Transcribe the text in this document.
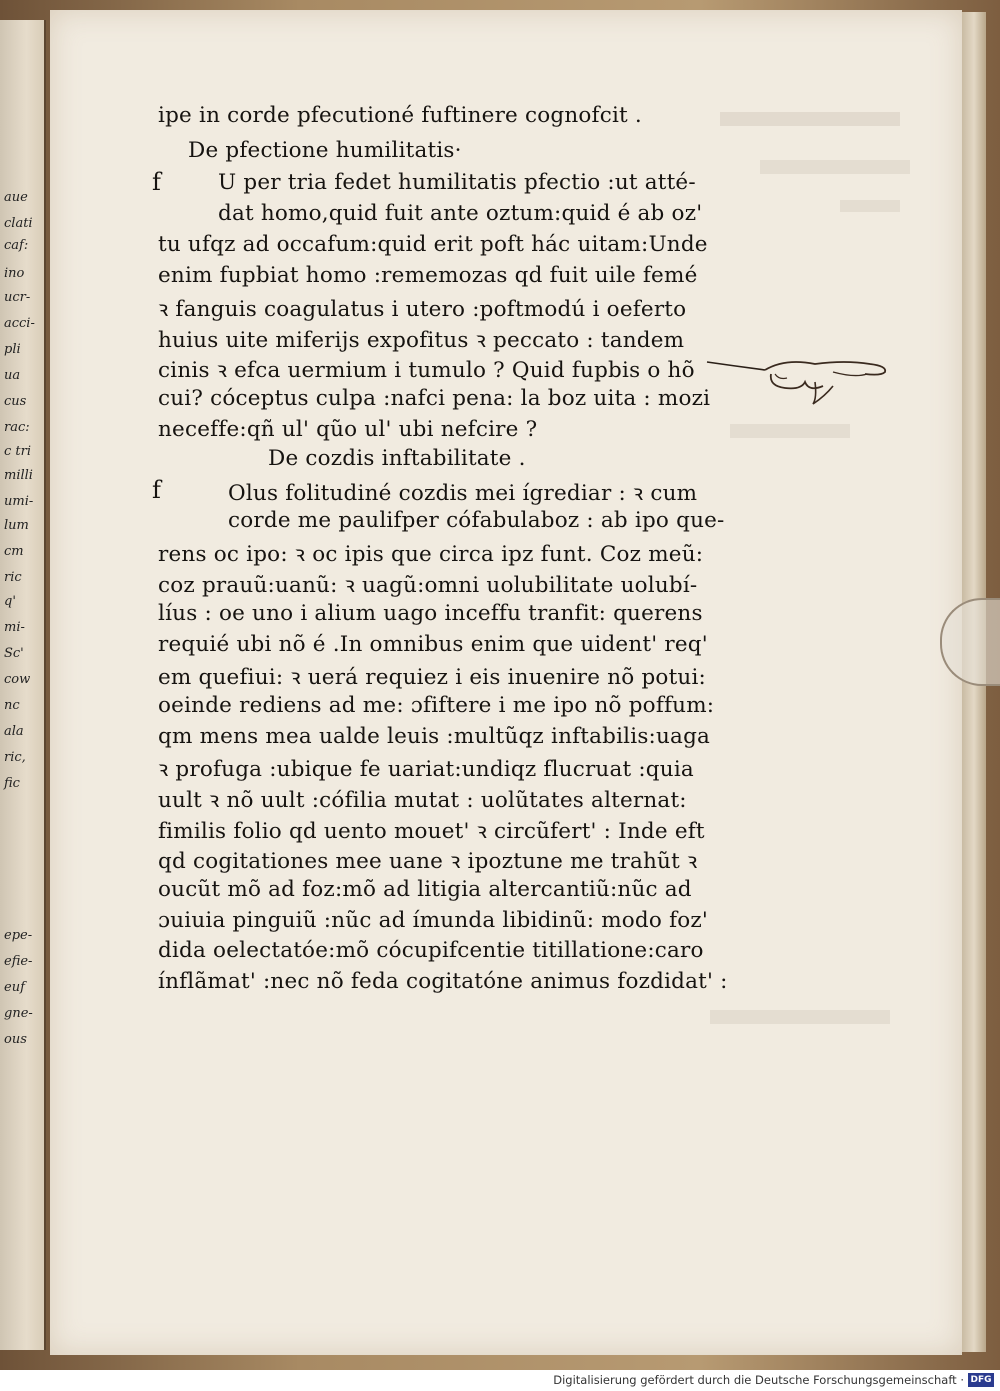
aue
clati
caf:
ino
ucr-
acci-
pli
ua
cus
rac:
c tri
milli
umi-
lum
cm
ric
q'
mi-
Sc'
cow
nc
ala
ric,
fic
epe-
efie-
euf
gne-
ous
ipe in corde pfecutioné fuftinere cognofcit .
De pfectione humilitatis·
f	U per tria fedet humilitatis pfectio :ut atté-
dat homo,quid fuit ante oztum:quid é ab oz'
tu ufqz ad occafum:quid erit poft hác uitam:Unde
enim fupbiat homo :rememozas qd fuit uile femé
ꝛ fanguis coagulatus i utero :poftmodú i oeferto
huius uite miferijs expofitus ꝛ peccato : tandem
cinis ꝛ efca uermium i tumulo ? Quid fupbis o hõ
cui? cóceptus culpa :nafci pena: la boz uita : mozi
neceffe:qñ ul' qũo ul' ubi nefcire ?
De cozdis inftabilitate .
f	Olus folitudiné cozdis mei ígrediar : ꝛ cum
corde me paulifper cófabulaboz : ab ipo que-
rens oc ipo: ꝛ oc ipis que circa ipz funt. Coz meũ:
coz prauũ:uanũ: ꝛ uagũ:omni uolubilitate uolubí-
líus : oe uno i alium uago inceffu tranfit: querens
requié ubi nõ é .In omnibus enim que uident' req'
em quefiui: ꝛ uerá requiez i eis inuenire nõ potui:
oeinde rediens ad me: ɔfiftere i me ipo nõ poffum:
qm mens mea ualde leuis :multũqz inftabilis:uaga
ꝛ profuga :ubique fe uariat:undiqz flucruat :quia
uult ꝛ nõ uult :cófilia mutat : uolũtates alternat:
fimilis folio qd uento mouet' ꝛ circũfert' : Inde eft
qd cogitationes mee uane ꝛ ipoztune me trahũt ꝛ
oucũt mõ ad foz:mõ ad litigia altercantiũ:nũc ad
ɔuiuia pinguiũ :nũc ad ímunda libidinũ: modo foz'
dida oelectatóe:mõ cócupifcentie titillatione:caro
ínflãmat' :nec nõ feda cogitatóne animus fozdidat' :
Digitalisierung gefördert durch die Deutsche Forschungsgemeinschaft · DFG
